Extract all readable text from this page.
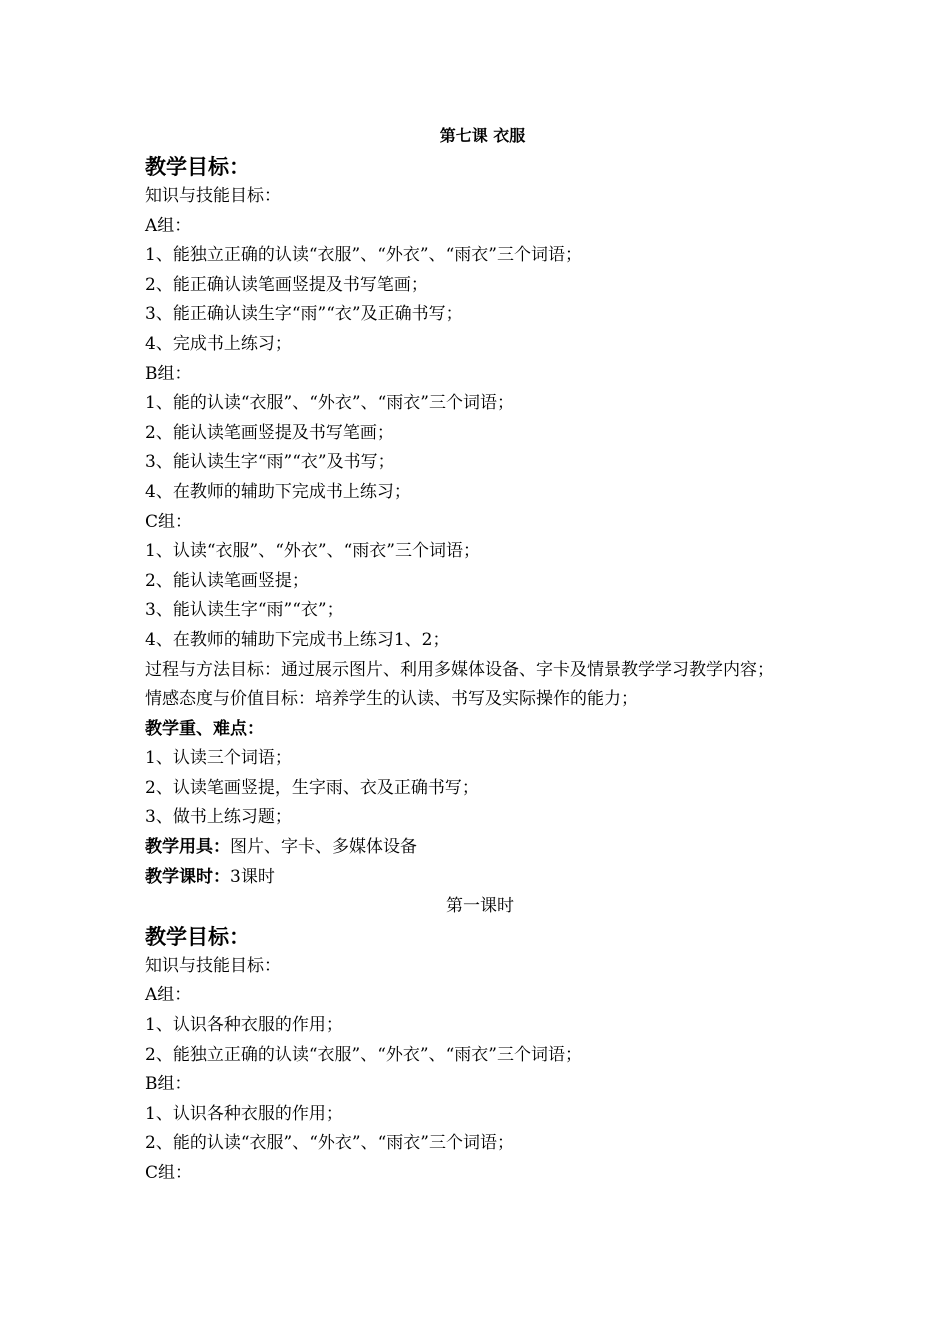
第七课 衣服
教学目标：
知识与技能目标：
A组：
1、能独立正确的认读“衣服”、“外衣”、“雨衣”三个词语；
2、能正确认读笔画竖提及书写笔画；
3、能正确认读生字“雨”“衣”及正确书写；
4、完成书上练习；
B组：
1、能的认读“衣服”、“外衣”、“雨衣”三个词语；
2、能认读笔画竖提及书写笔画；
3、能认读生字“雨”“衣”及书写；
4、在教师的辅助下完成书上练习；
C组：
1、认读“衣服”、“外衣”、“雨衣”三个词语；
2、能认读笔画竖提；
3、能认读生字“雨”“衣”；
4、在教师的辅助下完成书上练习1、2；
过程与方法目标：通过展示图片、利用多媒体设备、字卡及情景教学学习教学内容；
情感态度与价值目标：培养学生的认读、书写及实际操作的能力；
教学重、难点：
1、认读三个词语；
2、认读笔画竖提，生字雨、衣及正确书写；
3、做书上练习题；
教学用具：图片、字卡、多媒体设备
教学课时：3课时
第一课时
教学目标：
知识与技能目标：
A组：
1、认识各种衣服的作用；
2、能独立正确的认读“衣服”、“外衣”、“雨衣”三个词语；
B组：
1、认识各种衣服的作用；
2、能的认读“衣服”、“外衣”、“雨衣”三个词语；
C组：
